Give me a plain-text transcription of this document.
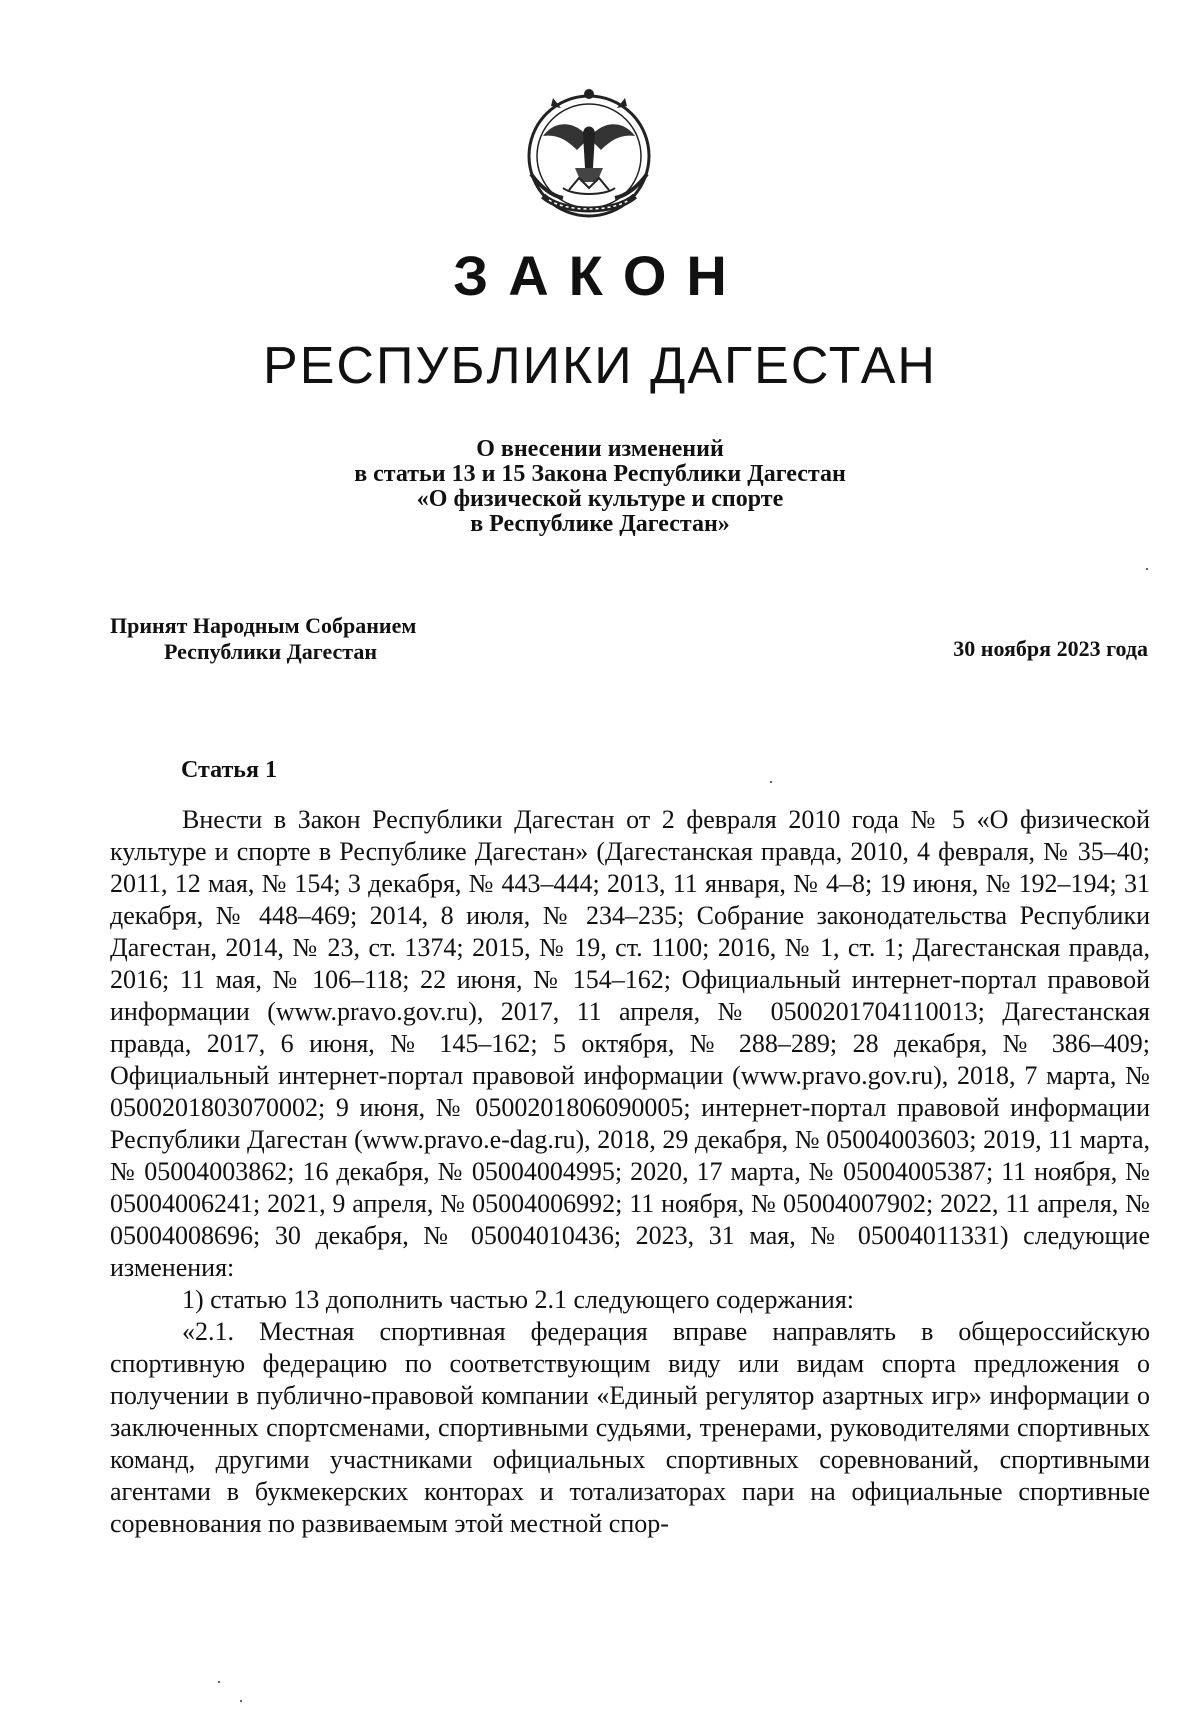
ЗАКОН
РЕСПУБЛИКИ ДАГЕСТАН
О внесении изменений
в статьи 13 и 15 Закона Республики Дагестан
«О физической культуре и спорте
в Республике Дагестан»
Принят Народным Собранием
Республики Дагестан	30 ноября 2023 года
Статья 1

Внести в Закон Республики Дагестан от 2 февраля 2010 года № 5 «О физической культуре и спорте в Республике Дагестан» (Дагестанская правда, 2010, 4 февраля, № 35–40; 2011, 12 мая, № 154; 3 декабря, № 443–444; 2013, 11 января, № 4–8; 19 июня, № 192–194; 31 декабря, № 448–469; 2014, 8 июля, № 234–235; Собрание законодательства Республики Дагестан, 2014, № 23, ст. 1374; 2015, № 19, ст. 1100; 2016, № 1, ст. 1; Дагестанская правда, 2016; 11 мая, № 106–118; 22 июня, № 154–162; Официальный интернет-портал правовой информации (www.pravo.gov.ru), 2017, 11 апреля, № 0500201704110013; Дагестанская правда, 2017, 6 июня, № 145–162; 5 октября, № 288–289; 28 декабря, № 386–409; Официальный интернет-портал правовой информации (www.pravo.gov.ru), 2018, 7 марта, № 0500201803070002; 9 июня, № 0500201806090005; интернет-портал правовой информации Республики Дагестан (www.pravo.e-dag.ru), 2018, 29 декабря, № 05004003603; 2019, 11 марта, № 05004003862; 16 декабря, № 05004004995; 2020, 17 марта, № 05004005387; 11 ноября, № 05004006241; 2021, 9 апреля, № 05004006992; 11 ноября, № 05004007902; 2022, 11 апреля, № 05004008696; 30 декабря, № 05004010436; 2023, 31 мая, № 05004011331) следующие изменения:

1) статью 13 дополнить частью 2.1 следующего содержания:

«2.1. Местная спортивная федерация вправе направлять в общероссийскую спортивную федерацию по соответствующим виду или видам спорта предложения о получении в публично-правовой компании «Единый регулятор азартных игр» информации о заключенных спортсменами, спортивными судьями, тренерами, руководителями спортивных команд, другими участниками официальных спортивных соревнований, спортивными агентами в букмекерских конторах и тотализаторах пари на официальные спортивные соревнования по развиваемым этой местной спор-
